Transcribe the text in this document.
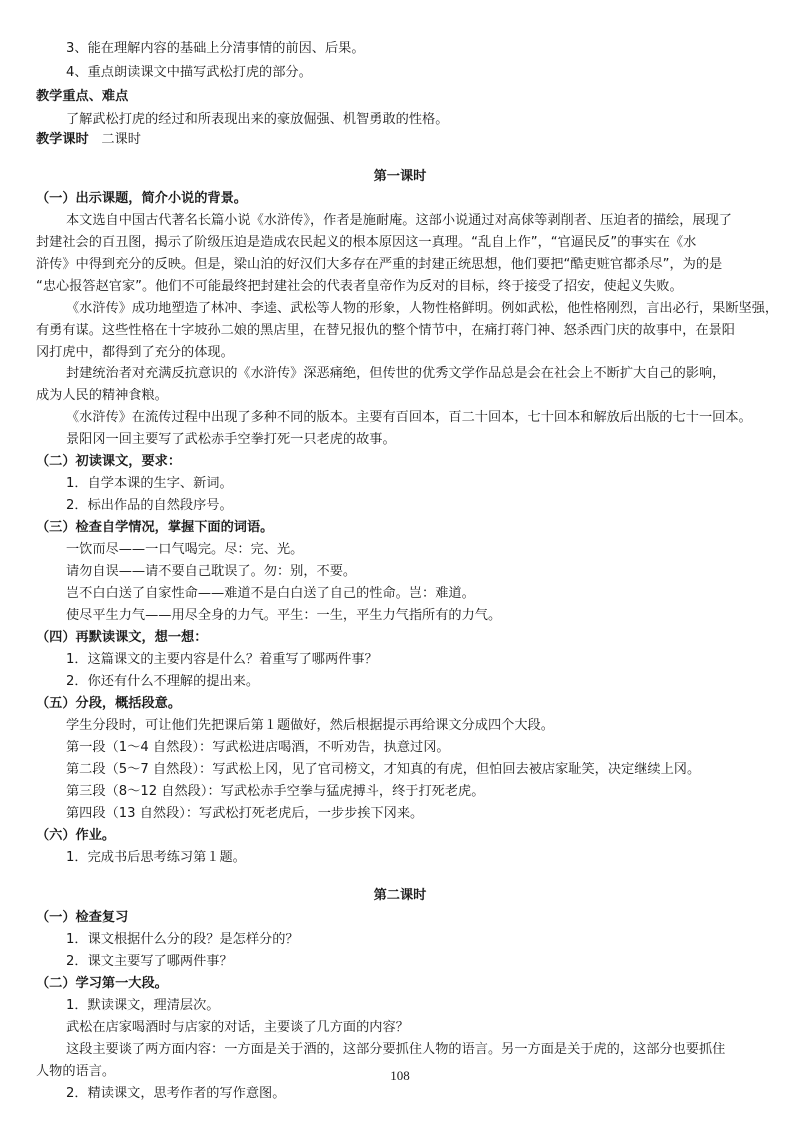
3、能在理解内容的基础上分清事情的前因、后果。
4、重点朗读课文中描写武松打虎的部分。
教学重点、难点
了解武松打虎的经过和所表现出来的豪放倔强、机智勇敢的性格。
教学课时 二课时
第一课时
（一）出示课题，简介小说的背景。
本文选自中国古代著名长篇小说《水浒传》，作者是施耐庵。这部小说通过对高俅等剥削者、压迫者的描绘，展现了
封建社会的百丑图，揭示了阶级压迫是造成农民起义的根本原因这一真理。“乱自上作”，“官逼民反”的事实在《水
浒传》中得到充分的反映。但是，梁山泊的好汉们大多存在严重的封建正统思想，他们要把“酷吏赃官都杀尽”，为的是
“忠心报答赵官家”。他们不可能最终把封建社会的代表者皇帝作为反对的目标，终于接受了招安，使起义失败。
《水浒传》成功地塑造了林冲、李逵、武松等人物的形象，人物性格鲜明。例如武松，他性格刚烈，言出必行，果断坚强，
有勇有谋。这些性格在十字坡孙二娘的黑店里，在替兄报仇的整个情节中，在痛打蒋门神、怒杀西门庆的故事中，在景阳
冈打虎中，都得到了充分的体现。
封建统治者对充满反抗意识的《水浒传》深恶痛绝，但传世的优秀文学作品总是会在社会上不断扩大自己的影响，
成为人民的精神食粮。
《水浒传》在流传过程中出现了多种不同的版本。主要有百回本，百二十回本，七十回本和解放后出版的七十一回本。
景阳冈一回主要写了武松赤手空拳打死一只老虎的故事。
（二）初读课文，要求：
1．自学本课的生字、新词。
2．标出作品的自然段序号。
（三）检查自学情况，掌握下面的词语。
一饮而尽——一口气喝完。尽：完、光。
请勿自误——请不要自己耽误了。勿：别，不要。
岂不白白送了自家性命——难道不是白白送了自己的性命。岂：难道。
使尽平生力气——用尽全身的力气。平生：一生，平生力气指所有的力气。
（四）再默读课文，想一想：
1．这篇课文的主要内容是什么？着重写了哪两件事？
2．你还有什么不理解的提出来。
（五）分段，概括段意。
学生分段时，可让他们先把课后第１题做好，然后根据提示再给课文分成四个大段。
第一段（1～4 自然段）：写武松进店喝酒，不听劝告，执意过冈。
第二段（5～7 自然段）：写武松上冈，见了官司榜文，才知真的有虎，但怕回去被店家耻笑，决定继续上冈。
第三段（8～12 自然段）：写武松赤手空拳与猛虎搏斗，终于打死老虎。
第四段（13 自然段）：写武松打死老虎后，一步步挨下冈来。
（六）作业。
1．完成书后思考练习第１题。
第二课时
（一）检查复习
1．课文根据什么分的段？是怎样分的？
2．课文主要写了哪两件事？
（二）学习第一大段。
1．默读课文，理清层次。
武松在店家喝酒时与店家的对话，主要谈了几方面的内容？
这段主要谈了两方面内容：一方面是关于酒的，这部分要抓住人物的语言。另一方面是关于虎的，这部分也要抓住
人物的语言。
2．精读课文，思考作者的写作意图。
108
